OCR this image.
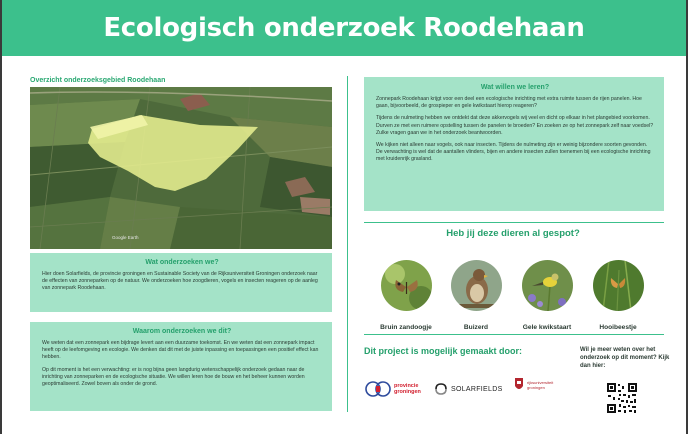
Ecologisch onderzoek Roodehaan
Overzicht onderzoeksgebied Roodehaan
Google Earth
Wat onderzoeken we?
Hier doen Solarfields, de provincie groningen en Sustainable Society van de Rijksuniversiteit Groningen onderzoek naar de effecten van zonneparken op de natuur. We onderzoeken hoe zoogdieren, vogels en insecten reageren op de aanleg van zonnepark Roodehaan.
Waarom onderzoeken we dit?

We weten dat een zonnepark een bijdrage levert aan een duurzame toekomst. En we weten dat een zonnepark impact heeft op de leefomgeving en ecologie. We denken dat dit met de juiste inpassing en toepassingen een positief effect kan hebben.

Op dit moment is het een verwachting: er is nog bijna geen langdurig wetenschappelijk onderzoek gedaan naar de inrichting van zonneparken en de ecologische situatie. We willen leren hoe de bouw en het beheer kunnen worden geoptimaliseerd. Zowel boven als onder de grond.

Wat willen we leren?

Zonnepark Roodehaan krijgt voor een deel een ecologische inrichting met extra ruimte tussen de rijen panelen. Hoe gaan, bijvoorbeeld, de grospieper en gele kwikstaart hierop reageren?

Tijdens de nulmeting hebben we ontdekt dat deze akkervogels wij veel en dicht op elkaar in het plangebied voorkomen. Durven ze met een ruimere opstelling tussen de panelen te broeden? En zoeken ze op het zonnepark zelf naar voedsel? Zulke vragen gaan we in het onderzoek beantwoorden.

We kijken niet alleen naar vogels, ook naar insecten. Tijdens de nulmeting zijn er weinig bijzondere soorten gevonden. De verwachting is wel dat de aantallen vlinders, bijen en andere insecten zullen toenemen bij een ecologische inrichting met kruidenrijk grasland.

Heb jij deze dieren al gespot?
Bruin zandoogje	Buizerd	Gele kwikstaart	Hooibeestje
Dit project is mogelijk gemaakt door:
provincie groningen	SOLARFIELDS
rijksuniversiteit groningen
Wil je meer weten over het onderzoek op dit moment? Kijk dan hier:
